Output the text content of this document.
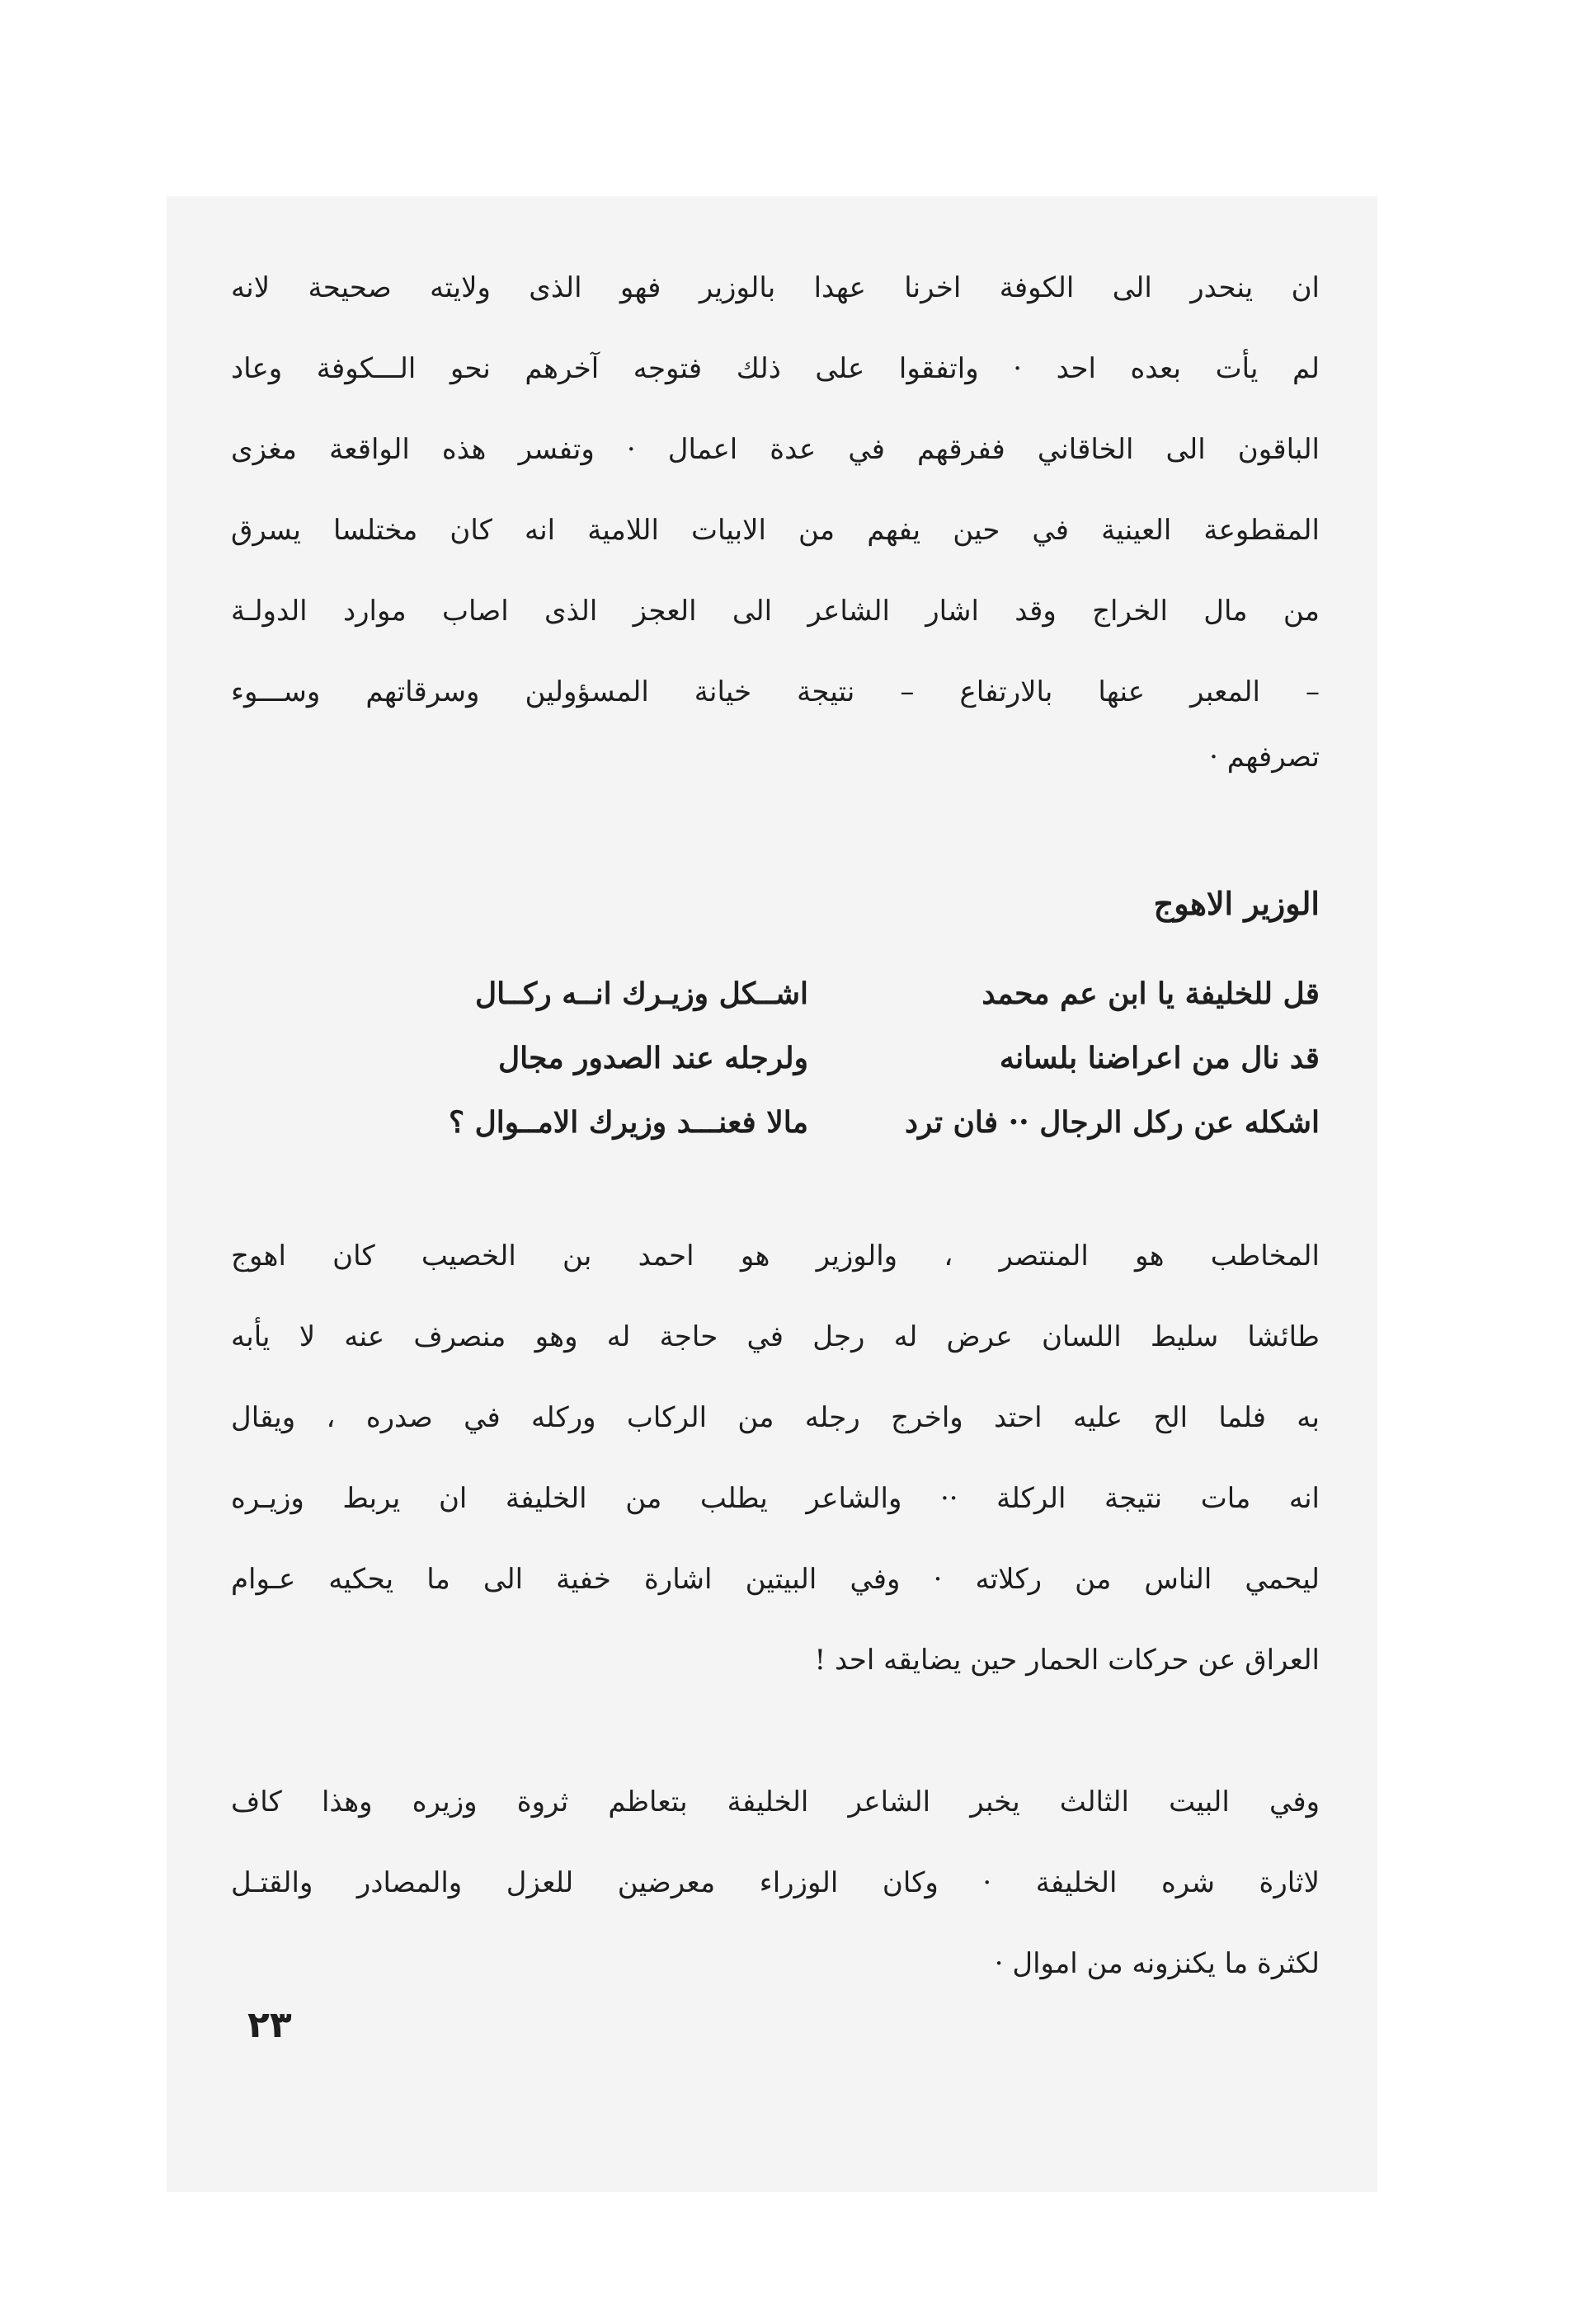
ان ينحدر الى الكوفة اخرنا عهدا بالوزير فهو الذى ولايته صحيحة لانه

لم يأت بعده احد · واتفقوا على ذلك فتوجه آخرهم نحو الـــكوفة وعاد

الباقون الى الخاقاني ففرقهم في عدة اعمال · وتفسر هذه الواقعة مغزى

المقطوعة العينية في حين يفهم من الابيات اللامية انه كان مختلسا يسرق

من مال الخراج وقد اشار الشاعر الى العجز الذى اصاب موارد الدولـة

– المعبر عنها بالارتفاع – نتيجة خيانة المسؤولين وسرقاتهم وســـوء

تصرفهم ·

الوزير الاهوج
قل للخليفة يا ابن عم محمد
اشــكل وزيـرك انــه ركــال
قد نال من اعراضنا بلسانه
ولرجله عند الصدور مجال
اشكله عن ركل الرجال ·· فان ترد
مالا فعنـــد وزيرك الامــوال ؟

المخاطب هو المنتصر ، والوزير هو احمد بن الخصيب كان اهوج

طائشا سليط اللسان عرض له رجل في حاجة له وهو منصرف عنه لا يأبه

به فلما الح عليه احتد واخرج رجله من الركاب وركله في صدره ، ويقال

انه مات نتيجة الركلة ·· والشاعر يطلب من الخليفة ان يربط وزيـره

ليحمي الناس من ركلاته · وفي البيتين اشارة خفية الى ما يحكيه عـوام

العراق عن حركات الحمار حين يضايقه احد !

وفي البيت الثالث يخبر الشاعر الخليفة بتعاظم ثروة وزيره وهذا كاف

لاثارة شره الخليفة · وكان الوزراء معرضين للعزل والمصادر والقتـل

لكثرة ما يكنزونه من اموال ·

٢٣
